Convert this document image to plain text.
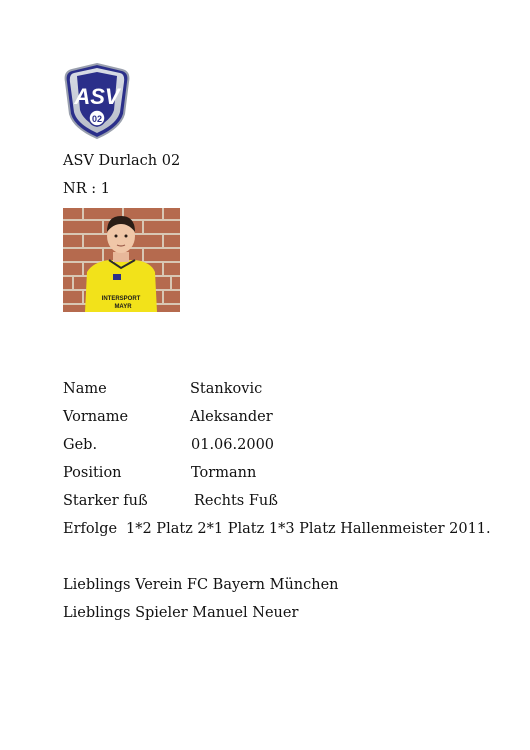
ASV
02
ASV Durlach 02
NR : 1
INTERSPORT
MAYR
Name	Stankovic
Vorname	Aleksander
Geb.	01.06.2000
Position	Tormann
Starker fuß	Rechts Fuß
Erfolge 1*2 Platz 2*1 Platz 1*3 Platz Hallenmeister 2011.
Lieblings Verein FC Bayern München
Lieblings Spieler Manuel Neuer
